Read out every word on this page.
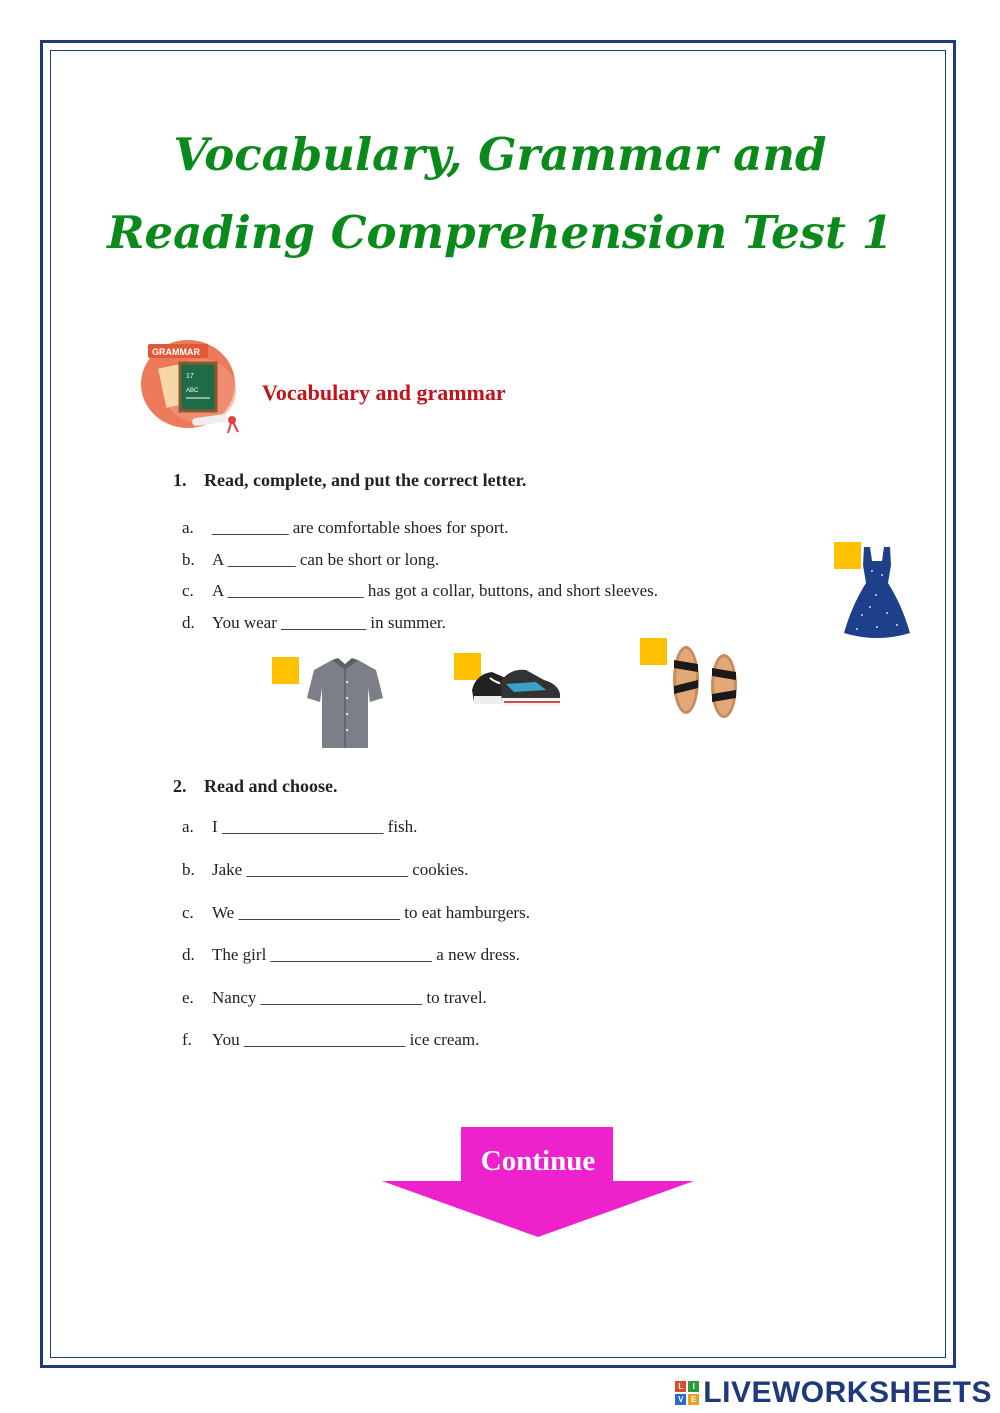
Vocabulary, Grammar and
Reading Comprehension Test 1
GRAMMAR
17
ABC	Vocabulary and grammar
1. Read, complete, and put the correct letter.
a. _________ are comfortable shoes for sport.
b. A ________ can be short or long.
c. A ________________ has got a collar, buttons, and short sleeves.
d. You wear __________ in summer.
2. Read and choose.
a. I ___________________ fish.
b. Jake ___________________ cookies.
c. We ___________________ to eat hamburgers.
d. The girl ___________________ a new dress.
e. Nancy ___________________ to travel.
f. You ___________________ ice cream.
Continue
L	I
V E LIVEWORKSHEETS
